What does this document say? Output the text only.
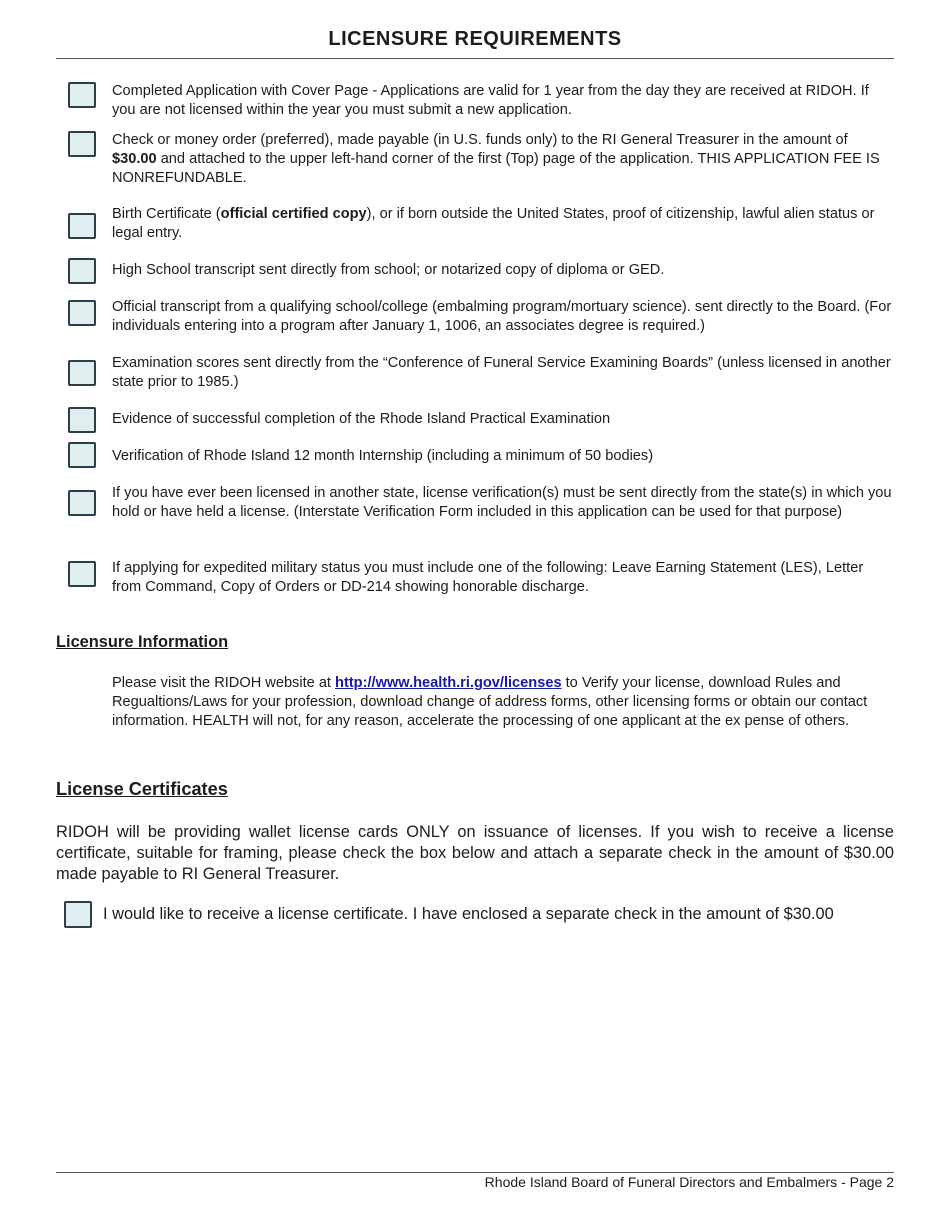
LICENSURE REQUIREMENTS
Completed Application with Cover Page - Applications are valid for 1 year from the day they are received at RIDOH. If you are not licensed within the year you must submit a new application.
Check or money order (preferred), made payable (in U.S. funds only) to the RI General Treasurer in the amount of $30.00 and attached to the upper left-hand corner of the first (Top) page of the application. THIS APPLICATION FEE IS NONREFUNDABLE.
Birth Certificate (official certified copy), or if born outside the United States, proof of citizenship, lawful alien status or legal entry.
High School transcript sent directly from school; or notarized copy of diploma or GED.
Official transcript from a qualifying school/college (embalming program/mortuary science). sent directly to the Board. (For individuals entering into a program after January 1, 1006, an associates degree is required.)
Examination scores sent directly from the “Conference of Funeral Service Examining Boards” (unless licensed in another state prior to 1985.)
Evidence of successful completion of the Rhode Island Practical Examination
Verification of Rhode Island 12 month Internship (including a minimum of 50 bodies)
If you have ever been licensed in another state, license verification(s) must be sent directly from the state(s) in which you hold or have held a license. (Interstate Verification Form included in this application can be used for that purpose)
If applying for expedited military status you must include one of the following: Leave Earning Statement (LES), Letter from Command, Copy of Orders or DD-214 showing honorable discharge.
Licensure Information
Please visit the RIDOH website at http://www.health.ri.gov/licenses to Verify your license, download Rules and Regualtions/Laws for your profession, download change of address forms, other licensing forms or obtain our contact information. HEALTH will not, for any reason, accelerate the processing of one applicant at the ex pense of others.
License Certificates
RIDOH will be providing wallet license cards ONLY on issuance of licenses. If you wish to receive a license certificate, suitable for framing, please check the box below and attach a separate check in the amount of $30.00 made payable to RI General Treasurer.
I would like to receive a license certificate. I have enclosed a separate check in the amount of $30.00
Rhode Island Board of Funeral Directors and Embalmers - Page 2
